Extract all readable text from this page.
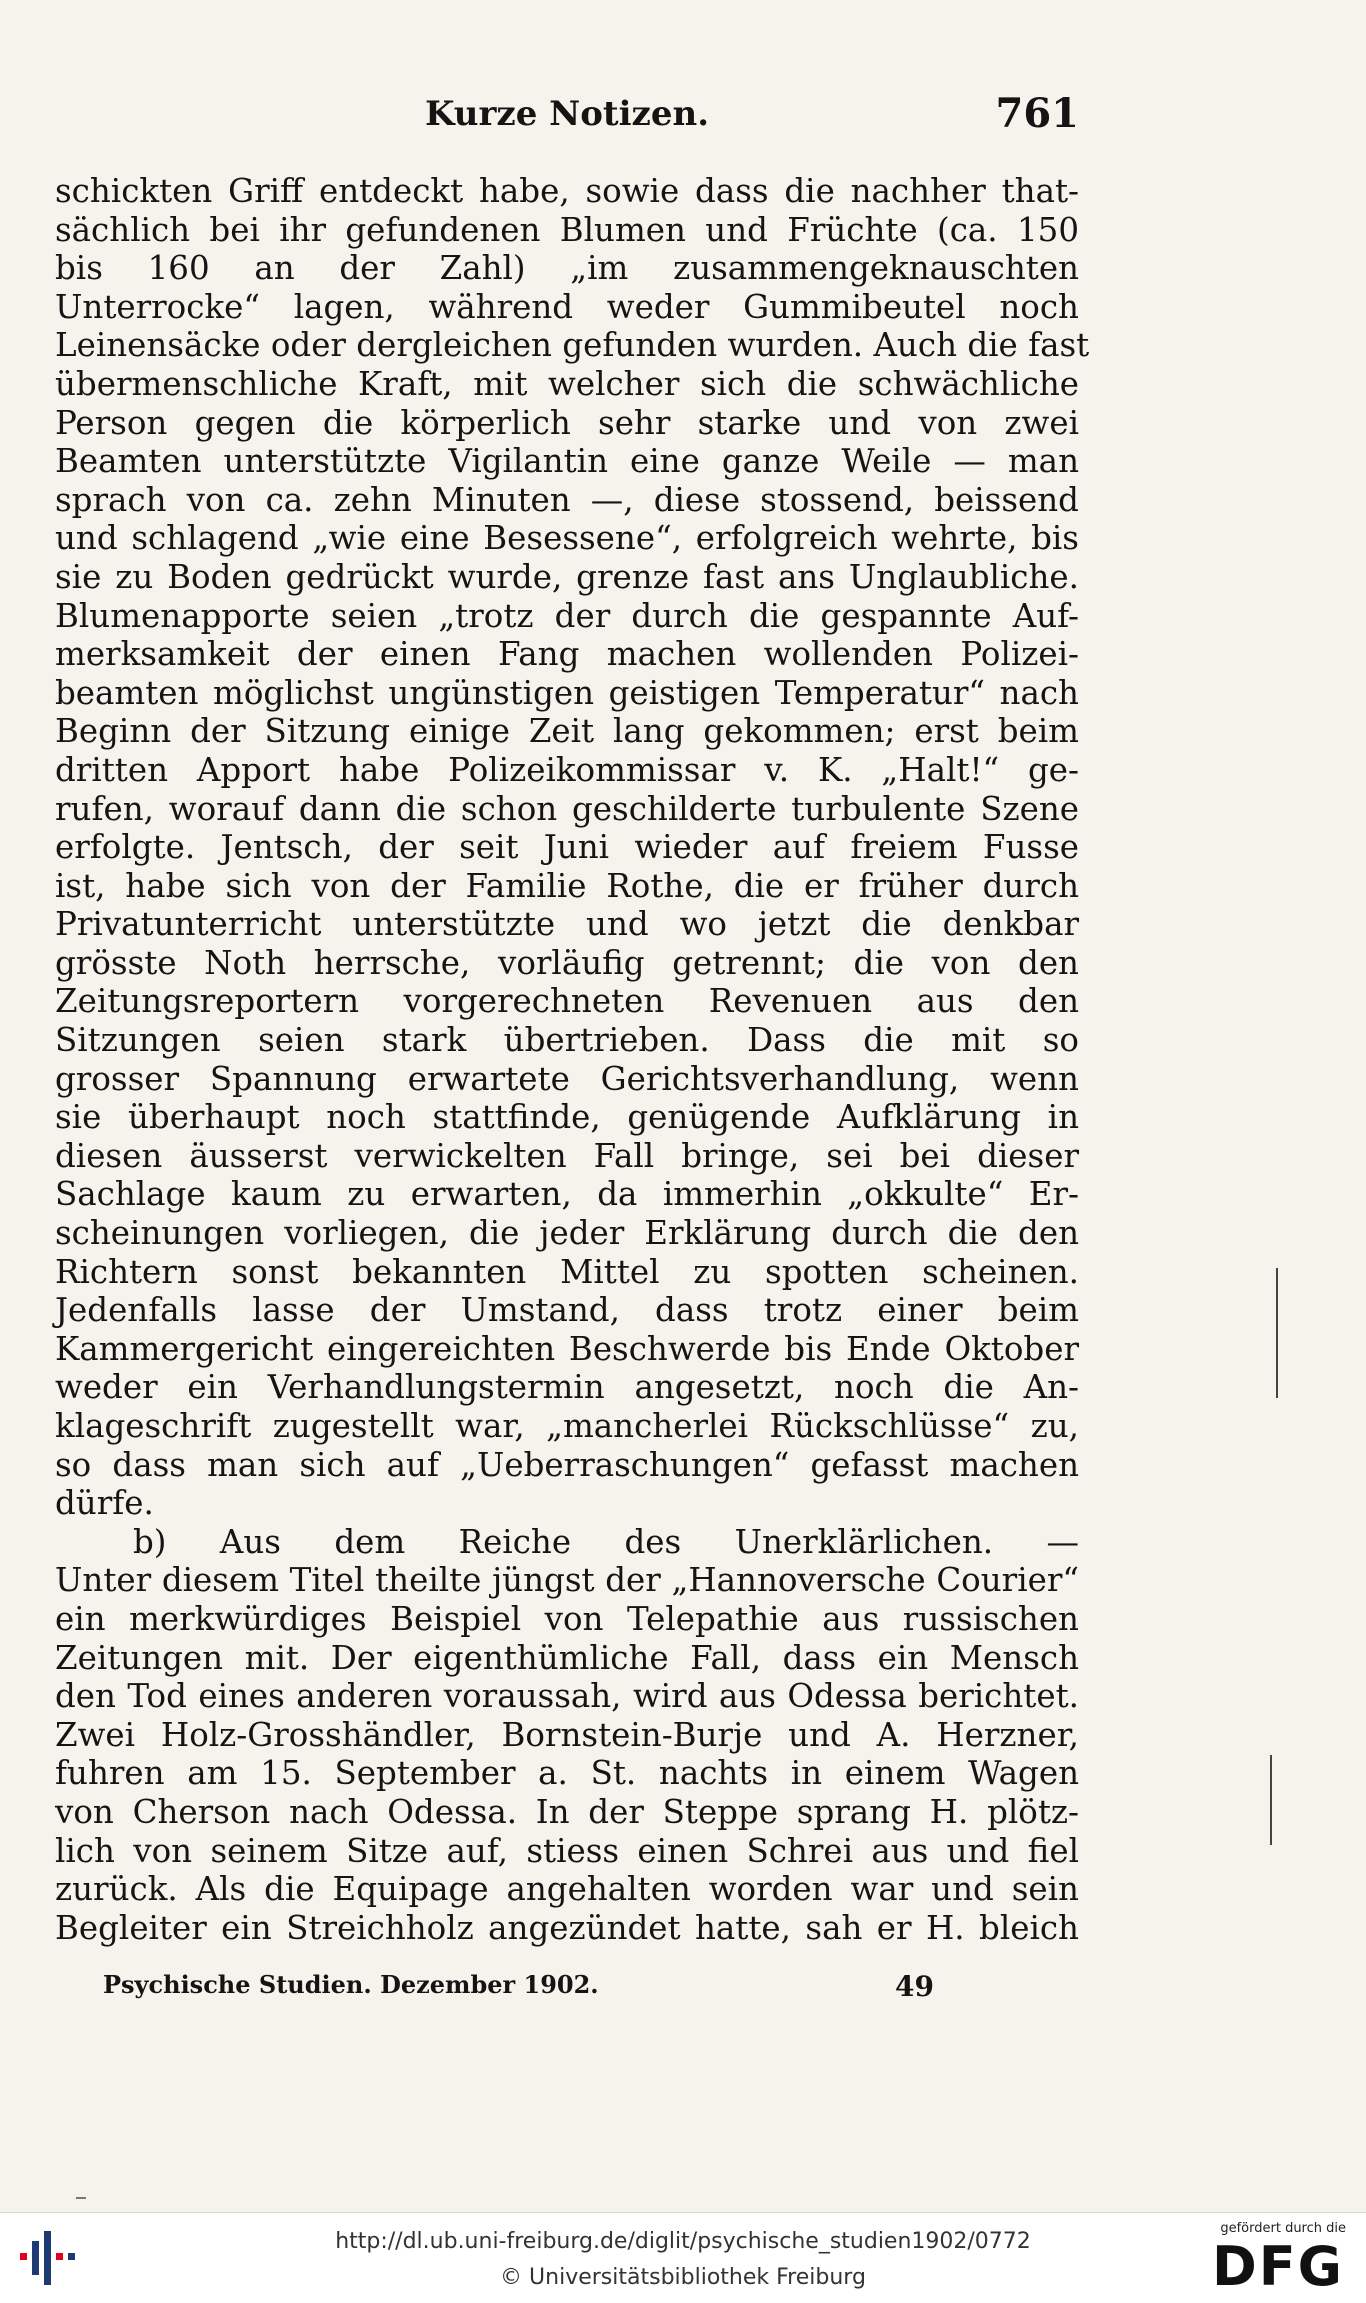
Kurze Notizen.	761
schickten Griff entdeckt habe, sowie dass die nachher that-
sächlich bei ihr gefundenen Blumen und Früchte (ca. 150
bis 160 an der Zahl) „im zusammengeknauschten
Unterrocke“ lagen, während weder Gummibeutel noch
Leinensäcke oder dergleichen gefunden wurden. Auch die fast
übermenschliche Kraft, mit welcher sich die schwächliche
Person gegen die körperlich sehr starke und von zwei
Beamten unterstützte Vigilantin eine ganze Weile — man
sprach von ca. zehn Minuten —, diese stossend, beissend
und schlagend „wie eine Besessene“, erfolgreich wehrte, bis
sie zu Boden gedrückt wurde, grenze fast ans Unglaubliche.
Blumenapporte seien „trotz der durch die gespannte Auf-
merksamkeit der einen Fang machen wollenden Polizei-
beamten möglichst ungünstigen geistigen Temperatur“ nach
Beginn der Sitzung einige Zeit lang gekommen; erst beim
dritten Apport habe Polizeikommissar v. K. „Halt!“ ge-
rufen, worauf dann die schon geschilderte turbulente Szene
erfolgte. Jentsch, der seit Juni wieder auf freiem Fusse
ist, habe sich von der Familie Rothe, die er früher durch
Privatunterricht unterstützte und wo jetzt die denkbar
grösste Noth herrsche, vorläufig getrennt; die von den
Zeitungsreportern vorgerechneten Revenuen aus den
Sitzungen seien stark übertrieben. Dass die mit so
grosser Spannung erwartete Gerichtsverhandlung, wenn
sie überhaupt noch stattfinde, genügende Aufklärung in
diesen äusserst verwickelten Fall bringe, sei bei dieser
Sachlage kaum zu erwarten, da immerhin „okkulte“ Er-
scheinungen vorliegen, die jeder Erklärung durch die den
Richtern sonst bekannten Mittel zu spotten scheinen.
Jedenfalls lasse der Umstand, dass trotz einer beim
Kammergericht eingereichten Beschwerde bis Ende Oktober
weder ein Verhandlungstermin angesetzt, noch die An-
klageschrift zugestellt war, „mancherlei Rückschlüsse“ zu,
so dass man sich auf „Ueberraschungen“ gefasst machen
dürfe.
b) Aus dem Reiche des Unerklärlichen. —
Unter diesem Titel theilte jüngst der „Hannoversche Courier“
ein merkwürdiges Beispiel von Telepathie aus russischen
Zeitungen mit. Der eigenthümliche Fall, dass ein Mensch
den Tod eines anderen voraussah, wird aus Odessa berichtet.
Zwei Holz-Grosshändler, Bornstein-Burje und A. Herzner,
fuhren am 15. September a. St. nachts in einem Wagen
von Cherson nach Odessa. In der Steppe sprang H. plötz-
lich von seinem Sitze auf, stiess einen Schrei aus und fiel
zurück. Als die Equipage angehalten worden war und sein
Begleiter ein Streichholz angezündet hatte, sah er H. bleich
Psychische Studien. Dezember 1902.	49
http://dl.ub.uni-freiburg.de/diglit/psychische_studien1902/0772
© Universitätsbibliothek Freiburg
gefördert durch die
DFG
